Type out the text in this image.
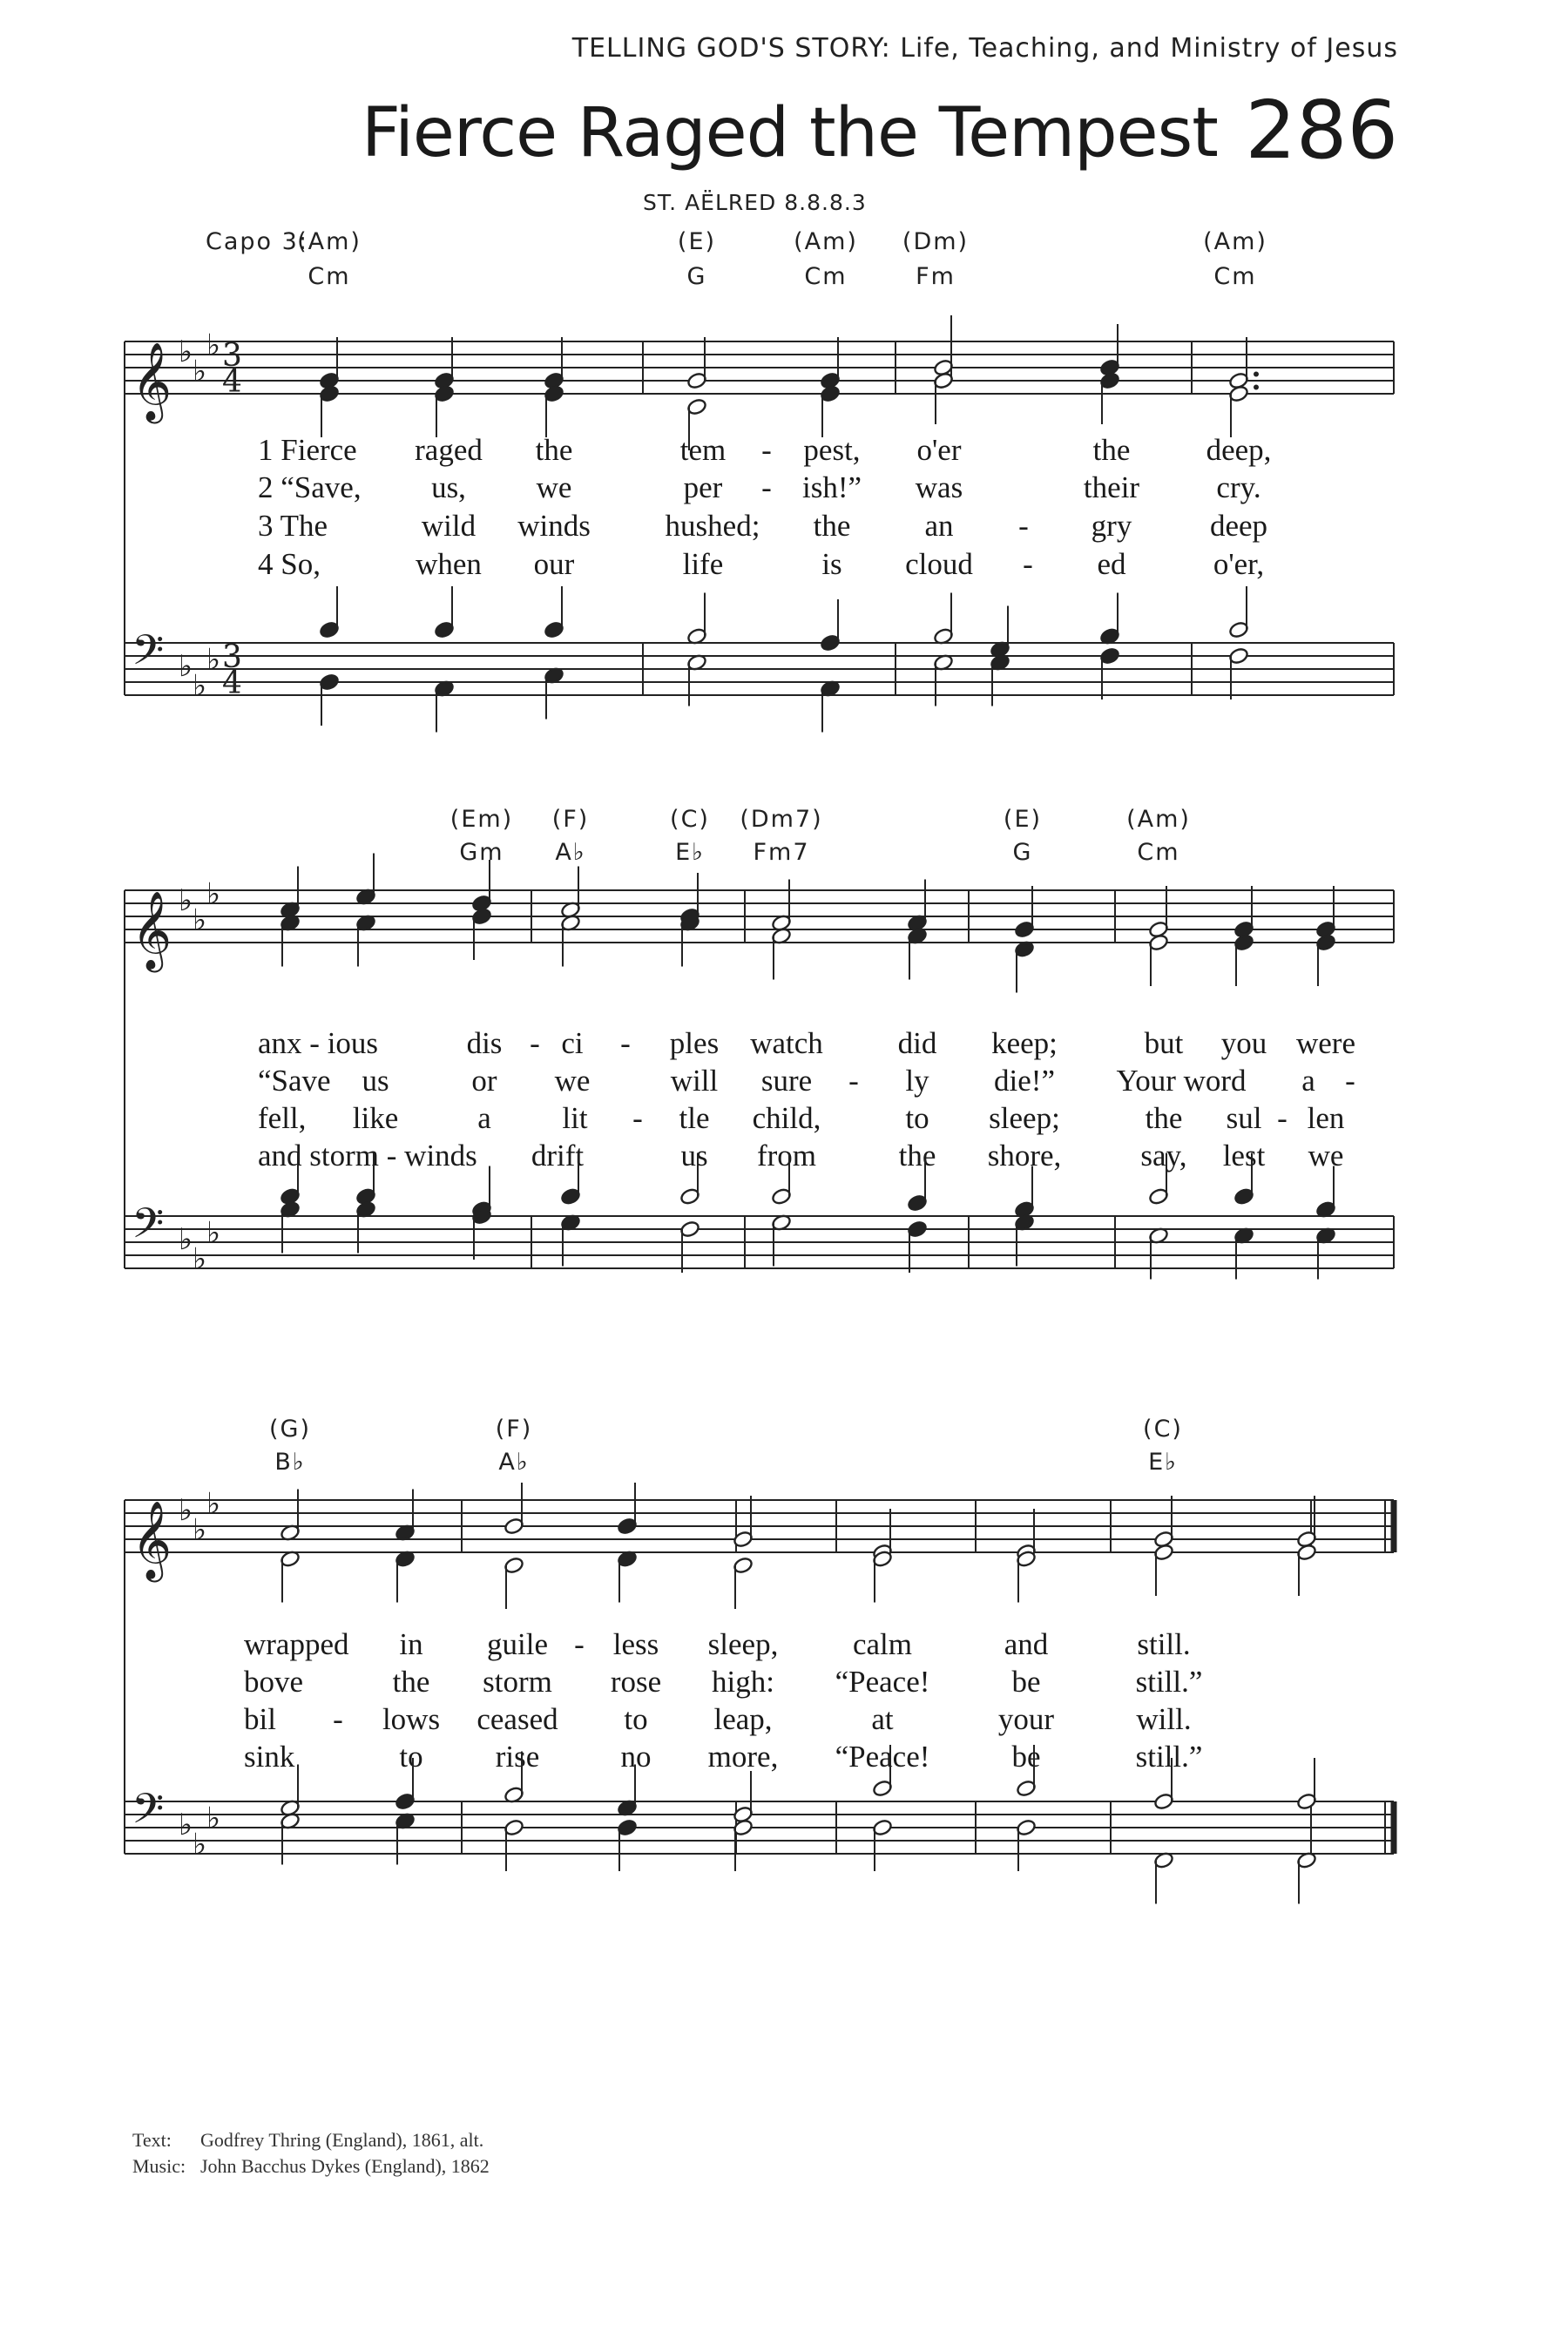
TELLING GOD'S STORY: Life, Teaching, and Ministry of Jesus
Fierce Raged the Tempest 286
ST. AËLRED 8.8.8.3
Capo 3:
(Am)
Cm
(E)
G
(Am)
Cm
(Dm)
Fm
(Am)
Cm
1 Fierce raged the	tem - pest, o'er	the deep,
2 “Save, us, we	per - ish!” was	their	cry.
3 The	wild winds hushed; the an - gry	deep
4 So,	when our	life	is cloud - ed	o'er,
(Em)
Gm
(F)
A♭
(C)
E♭
(Dm7)
Fm7
(E)
G
(Am)
Cm
anx - ious	dis - ci - ples watch did keep;	but you were
“Save us	or we	will sure - ly die!” Your word a -
fell, like	a lit - tle child,	to sleep;	the sul - len
and storm - winds drift	us from	the shore,	say, lest we
(G)
B♭
(F)
A♭
(C)
E♭
wrapped in guile - less sleep, calm	and	still.
bove	the storm rose high: “Peace!	be	still.”
bil - lows ceased to leap,	at	your	will.
sink	to rise	no more, “Peace!	be	still.”
Text: Godfrey Thring (England), 1861, alt.
Music: John Bacchus Dykes (England), 1862
𝄞
𝄢
♭
♭
♭
♭
♭
♭
3
4
3
4
𝄞
𝄢
♭
♭
♭
♭
♭
♭
𝄞
𝄢
♭
♭
♭
♭
♭
♭
